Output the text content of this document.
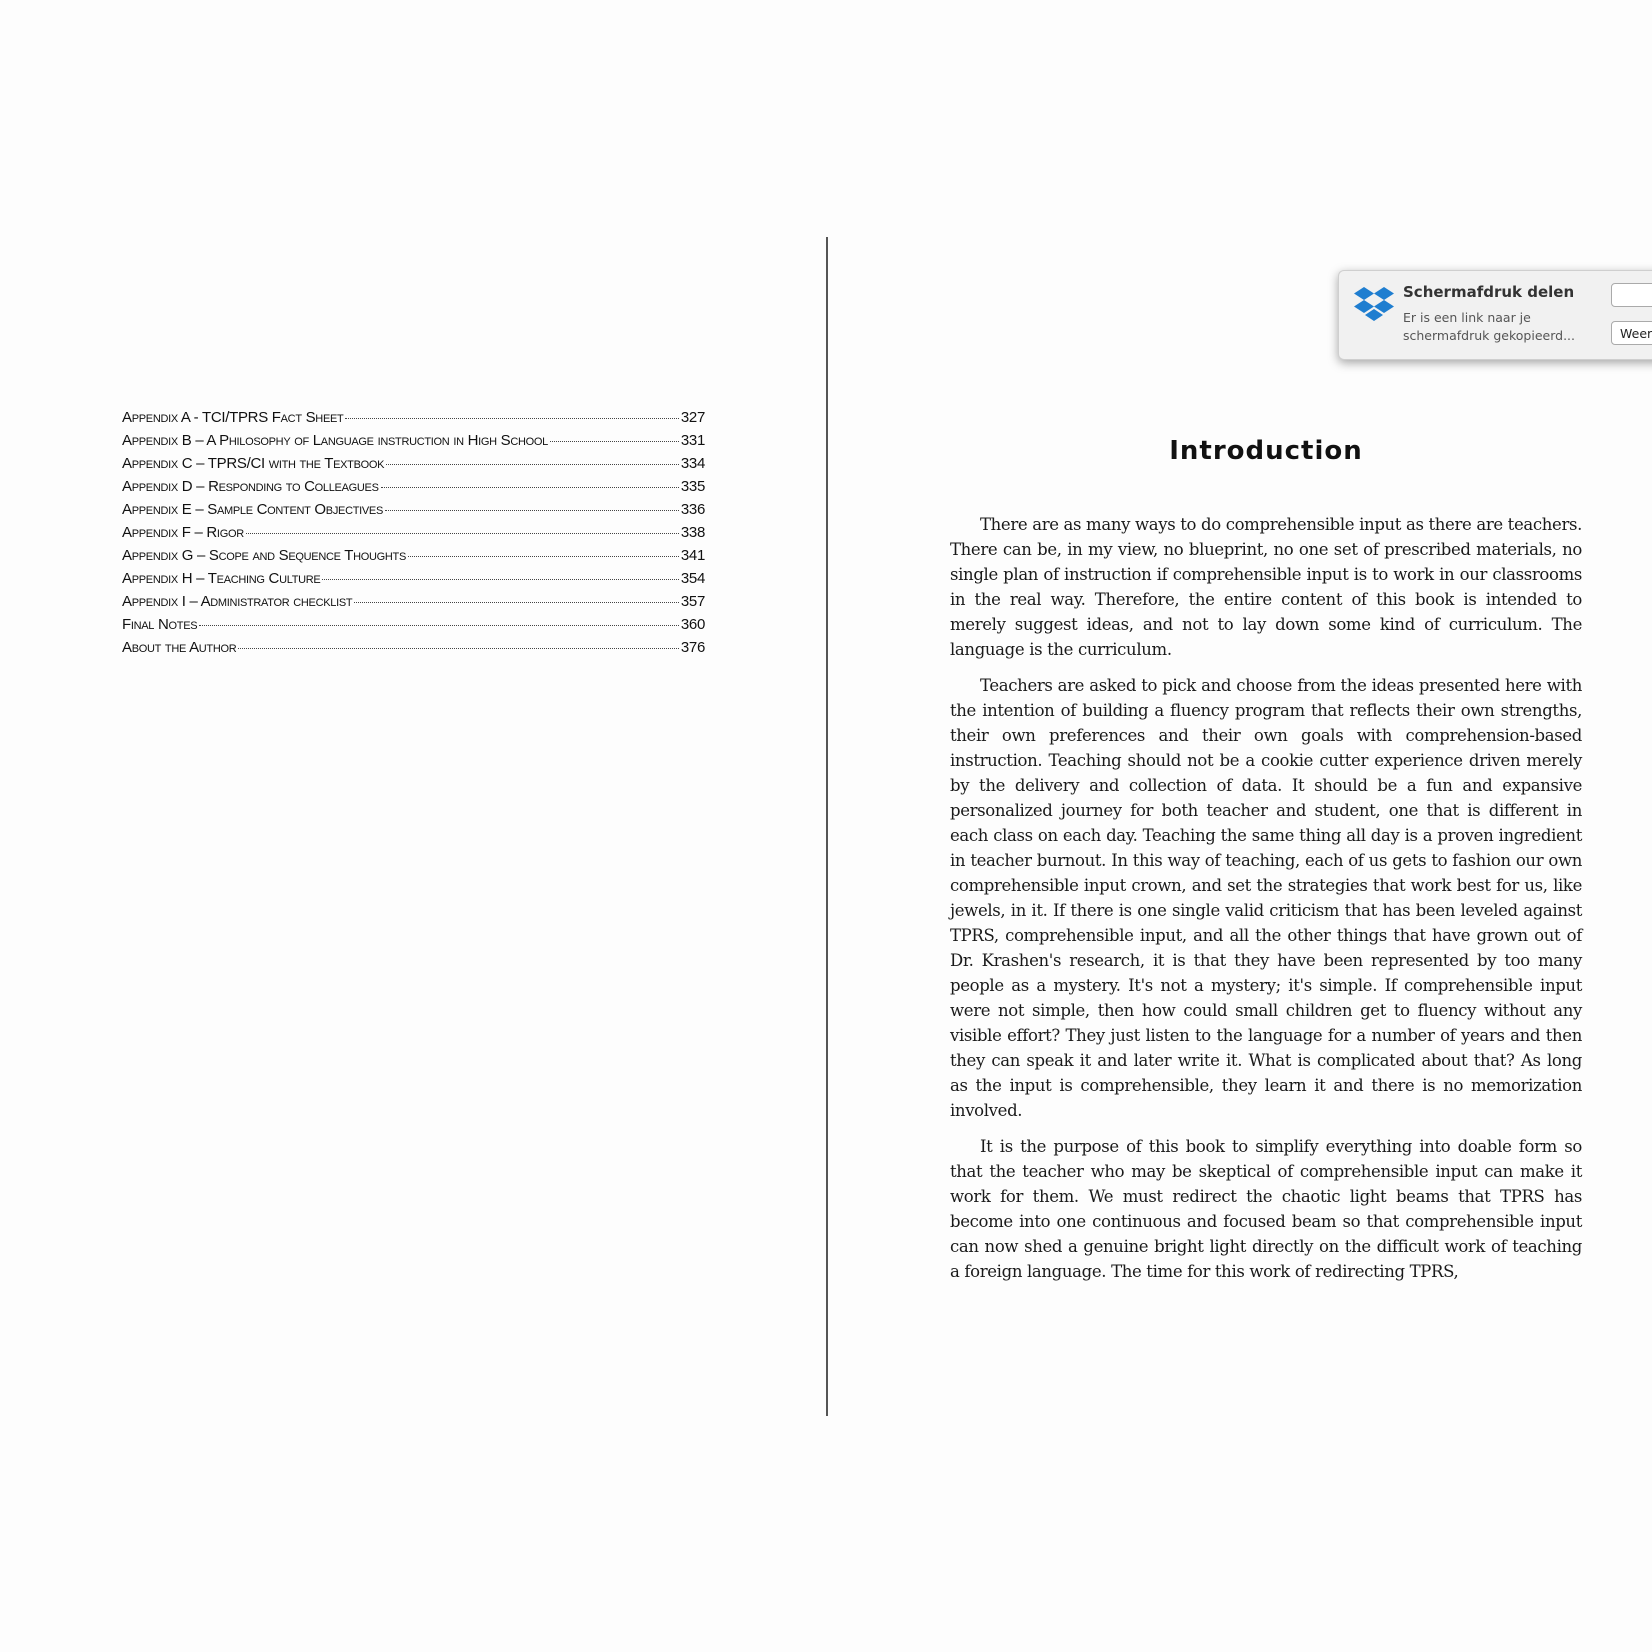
Appendix A - TCI/TPRS Fact Sheet	327
Appendix B – A Philosophy of Language instruction in High School	331
Appendix C – TPRS/CI with the Textbook	334
Appendix D – Responding to Colleagues	335
Appendix E – Sample Content Objectives	336
Appendix F – Rigor	338
Appendix G – Scope and Sequence Thoughts	341
Appendix H – Teaching Culture	354
Appendix I – Administrator checklist	357
Final Notes	360
About the Author	376
Introduction

There are as many ways to do comprehensible input as there are teachers. There can be, in my view, no blueprint, no one set of prescribed materials, no single plan of instruction if comprehensible input is to work in our classrooms in the real way. Therefore, the entire content of this book is intended to merely suggest ideas, and not to lay down some kind of curriculum. The language is the curriculum.

Teachers are asked to pick and choose from the ideas presented here with the intention of building a fluency program that reflects their own strengths, their own preferences and their own goals with comprehension-based instruction. Teaching should not be a cookie cutter experience driven merely by the delivery and collection of data. It should be a fun and expansive personalized journey for both teacher and student, one that is different in each class on each day. Teaching the same thing all day is a proven ingredient in teacher burnout. In this way of teaching, each of us gets to fashion our own comprehensible input crown, and set the strategies that work best for us, like jewels, in it. If there is one single valid criticism that has been leveled against TPRS, comprehensible input, and all the other things that have grown out of Dr. Krashen's research, it is that they have been represented by too many people as a mystery. It's not a mystery; it's simple. If comprehensible input were not simple, then how could small children get to fluency without any visible effort? They just listen to the language for a number of years and then they can speak it and later write it. What is complicated about that? As long as the input is comprehensible, they learn it and there is no memorization involved.

It is the purpose of this book to simplify everything into doable form so that the teacher who may be skeptical of comprehensible input can make it work for them. We must redirect the chaotic light beams that TPRS has become into one continuous and focused beam so that comprehensible input can now shed a genuine bright light directly on the difficult work of teaching a foreign language. The time for this work of redirecting TPRS,

Schermafdruk delen
Er is een link naar je schermafdruk gekopieerd...	Weer
